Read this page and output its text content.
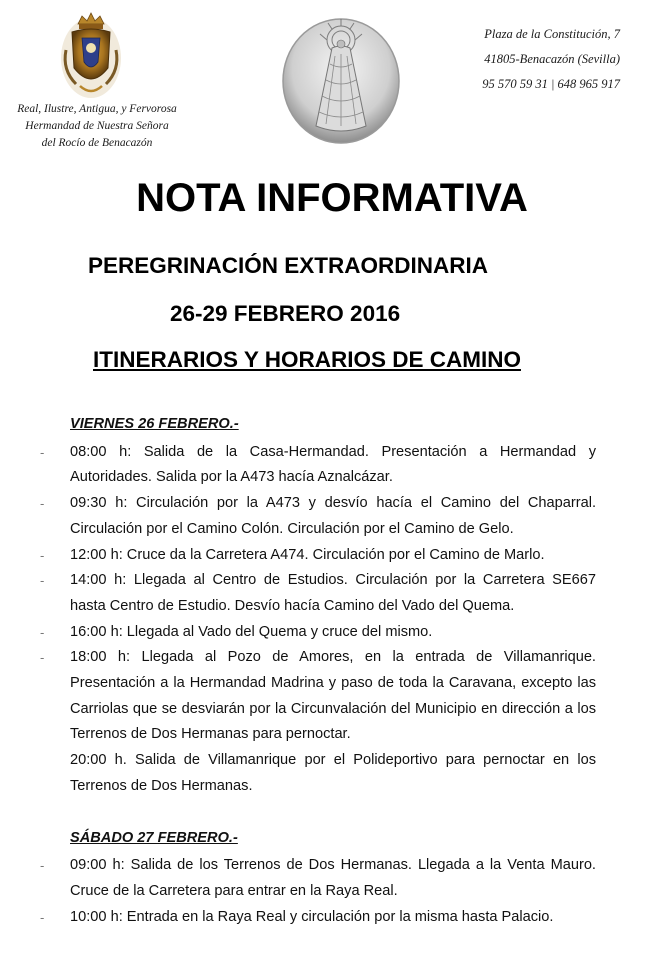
Real, Ilustre, Antigua, y Fervorosa
Hermandad de Nuestra Señora
del Rocío de Benacazón
Plaza de la Constitución, 7
41805-Benacazón (Sevilla)
95 570 59 31 | 648 965 917
NOTA INFORMATIVA
PEREGRINACIÓN EXTRAORDINARIA
26-29 FEBRERO 2016
ITINERARIOS Y HORARIOS DE CAMINO
VIERNES 26 FEBRERO.-
- 08:00 h: Salida de la Casa-Hermandad. Presentación a Hermandad y Autoridades. Salida por la A473 hacía Aznalcázar.
- 09:30 h: Circulación por la A473 y desvío hacía el Camino del Chaparral. Circulación por el Camino Colón. Circulación por el Camino de Gelo.
- 12:00 h: Cruce da la Carretera A474. Circulación por el Camino de Marlo.
- 14:00 h: Llegada al Centro de Estudios. Circulación por la Carretera SE667 hasta Centro de Estudio. Desvío hacía Camino del Vado del Quema.
- 16:00 h: Llegada al Vado del Quema y cruce del mismo.
- 18:00 h: Llegada al Pozo de Amores, en la entrada de Villamanrique. Presentación a la Hermandad Madrina y paso de toda la Caravana, excepto las Carriolas que se desviarán por la Circunvalación del Municipio en dirección a los Terrenos de Dos Hermanas para pernoctar.
20:00 h. Salida de Villamanrique por el Polideportivo para pernoctar en los Terrenos de Dos Hermanas.
SÁBADO 27 FEBRERO.-
- 09:00 h: Salida de los Terrenos de Dos Hermanas. Llegada a la Venta Mauro. Cruce de la Carretera para entrar en la Raya Real.
- 10:00 h: Entrada en la Raya Real y circulación por la misma hasta Palacio.
